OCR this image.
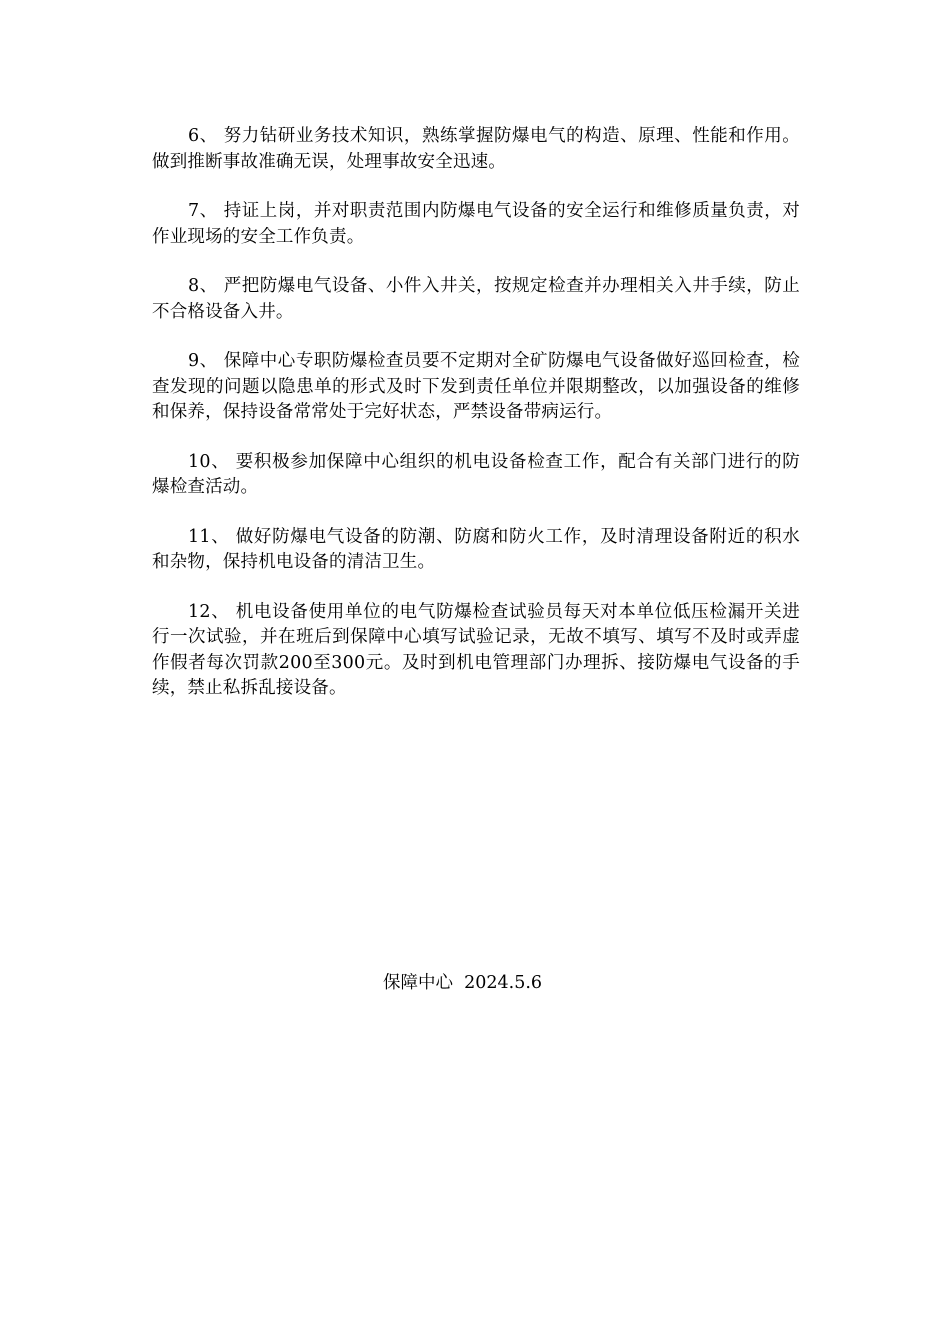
6、 努力钻研业务技术知识，熟练掌握防爆电气的构造、原理、性能和作用。做到推断事故准确无误，处理事故安全迅速。

7、 持证上岗，并对职责范围内防爆电气设备的安全运行和维修质量负责，对作业现场的安全工作负责。

8、 严把防爆电气设备、小件入井关，按规定检查并办理相关入井手续，防止不合格设备入井。

9、 保障中心专职防爆检查员要不定期对全矿防爆电气设备做好巡回检查，检查发现的问题以隐患单的形式及时下发到责任单位并限期整改，以加强设备的维修和保养，保持设备常常处于完好状态，严禁设备带病运行。

10、 要积极参加保障中心组织的机电设备检查工作，配合有关部门进行的防爆检查活动。

11、 做好防爆电气设备的防潮、防腐和防火工作，及时清理设备附近的积水和杂物，保持机电设备的清洁卫生。

12、 机电设备使用单位的电气防爆检查试验员每天对本单位低压检漏开关进行一次试验，并在班后到保障中心填写试验记录，无故不填写、填写不及时或弄虚作假者每次罚款200至300元。及时到机电管理部门办理拆、接防爆电气设备的手续，禁止私拆乱接设备。

保障中心  2024.5.6
